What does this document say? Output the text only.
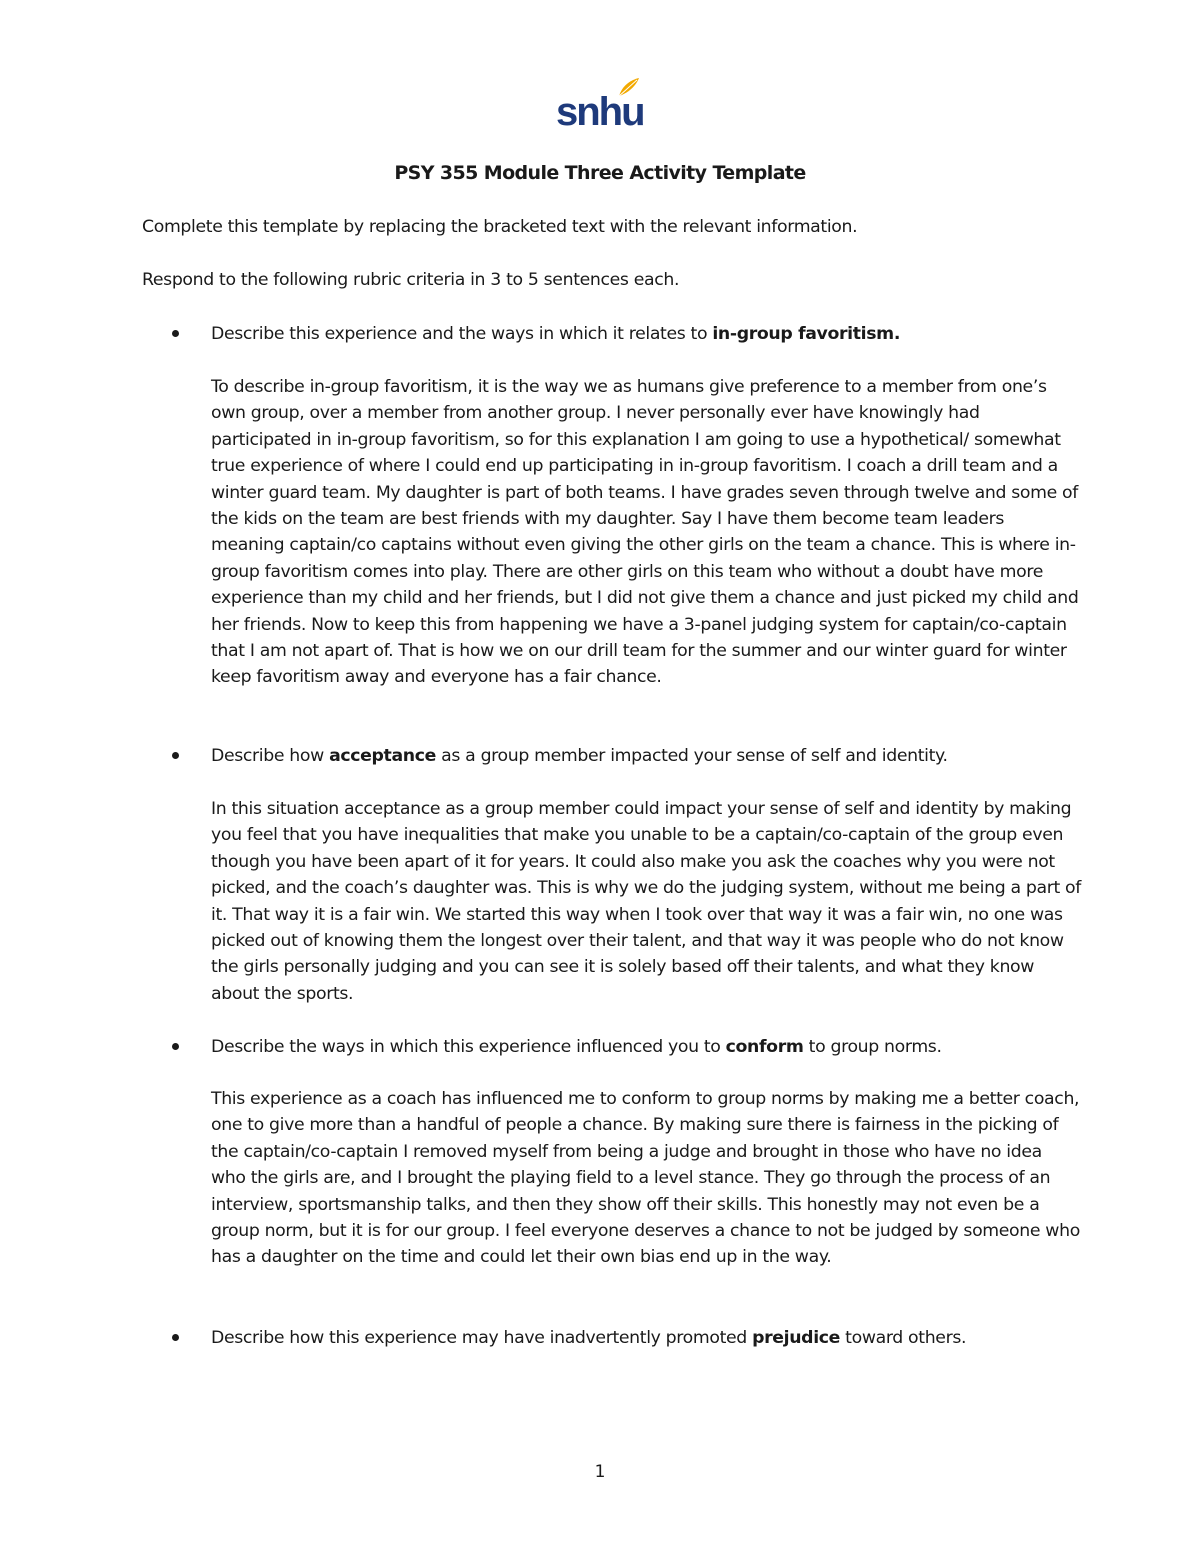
snhu
PSY 355 Module Three Activity Template

Complete this template by replacing the bracketed text with the relevant information.

Respond to the following rubric criteria in 3 to 5 sentences each.

Describe this experience and the ways in which it relates to in-group favoritism.

To describe in-group favoritism, it is the way we as humans give preference to a member from one’s own group, over a member from another group. I never personally ever have knowingly had participated in in-group favoritism, so for this explanation I am going to use a hypothetical/ somewhat true experience of where I could end up participating in in-group favoritism. I coach a drill team and a winter guard team. My daughter is part of both teams. I have grades seven through twelve and some of the kids on the team are best friends with my daughter. Say I have them become team leaders meaning captain/co captains without even giving the other girls on the team a chance. This is where in-group favoritism comes into play. There are other girls on this team who without a doubt have more experience than my child and her friends, but I did not give them a chance and just picked my child and her friends. Now to keep this from happening we have a 3-panel judging system for captain/co-captain that I am not apart of. That is how we on our drill team for the summer and our winter guard for winter keep favoritism away and everyone has a fair chance.

Describe how acceptance as a group member impacted your sense of self and identity.

In this situation acceptance as a group member could impact your sense of self and identity by making you feel that you have inequalities that make you unable to be a captain/co-captain of the group even though you have been apart of it for years. It could also make you ask the coaches why you were not picked, and the coach’s daughter was. This is why we do the judging system, without me being a part of it. That way it is a fair win. We started this way when I took over that way it was a fair win, no one was picked out of knowing them the longest over their talent, and that way it was people who do not know the girls personally judging and you can see it is solely based off their talents, and what they know about the sports.

Describe the ways in which this experience influenced you to conform to group norms.

This experience as a coach has influenced me to conform to group norms by making me a better coach, one to give more than a handful of people a chance. By making sure there is fairness in the picking of the captain/co-captain I removed myself from being a judge and brought in those who have no idea who the girls are, and I brought the playing field to a level stance. They go through the process of an interview, sportsmanship talks, and then they show off their skills. This honestly may not even be a group norm, but it is for our group. I feel everyone deserves a chance to not be judged by someone who has a daughter on the time and could let their own bias end up in the way.

Describe how this experience may have inadvertently promoted prejudice toward others.
1
